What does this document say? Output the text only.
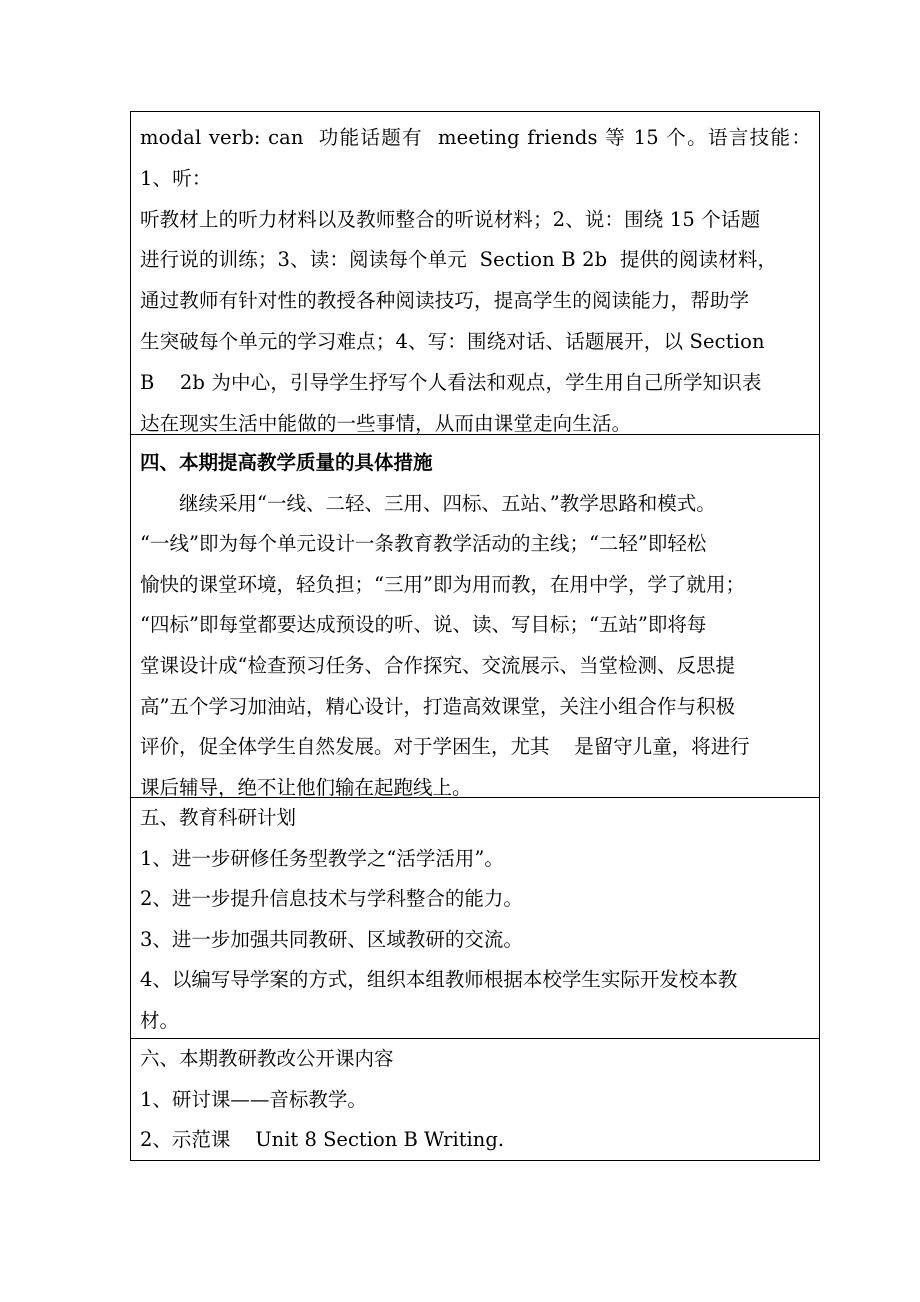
modal verb: can  功能话题有  meeting friends 等 15 个。语言技能：1、听：

听教材上的听力材料以及教师整合的听说材料；2、说：围绕 15 个话题

进行说的训练；3、读：阅读每个单元  Section B 2b  提供的阅读材料，

通过教师有针对性的教授各种阅读技巧，提高学生的阅读能力，帮助学

生突破每个单元的学习难点；4、写：围绕对话、话题展开，以 Section

B    2b 为中心，引导学生抒写个人看法和观点，学生用自己所学知识表

达在现实生活中能做的一些事情，从而由课堂走向生活。

四、本期提高教学质量的具体措施

继续采用“一线、二轻、三用、四标、五站、”教学思路和模式。

“一线”即为每个单元设计一条教育教学活动的主线；“二轻”即轻松

愉快的课堂环境，轻负担；“三用”即为用而教，在用中学，学了就用；

“四标”即每堂都要达成预设的听、说、读、写目标；“五站”即将每

堂课设计成“检查预习任务、合作探究、交流展示、当堂检测、反思提

高”五个学习加油站，精心设计，打造高效课堂，关注小组合作与积极

评价，促全体学生自然发展。对于学困生，尤其    是留守儿童，将进行

课后辅导，绝不让他们输在起跑线上。

五、教育科研计划

1、进一步研修任务型教学之“活学活用”。

2、进一步提升信息技术与学科整合的能力。

3、进一步加强共同教研、区域教研的交流。

4、以编写导学案的方式，组织本组教师根据本校学生实际开发校本教

材。

六、本期教研教改公开课内容

1、研讨课——音标教学。

2、示范课    Unit 8 Section B Writing.
